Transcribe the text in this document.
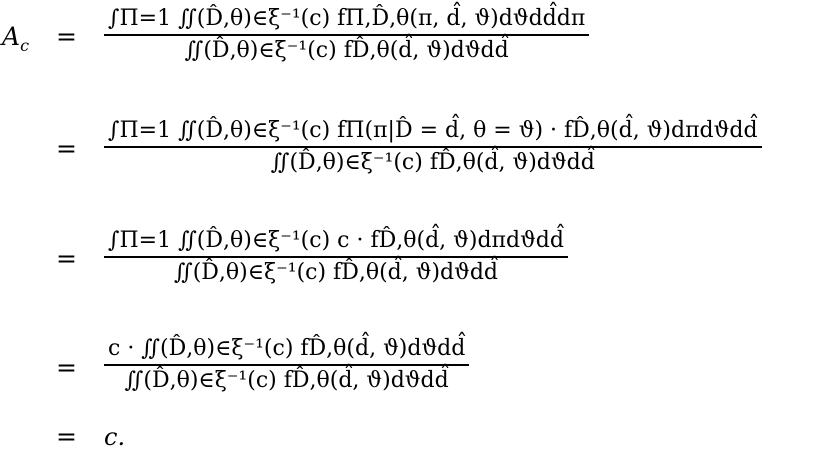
$A_c$ =
∫Π=1 ∬(D̂,θ)∈ξ⁻¹(c) fΠ,D̂,θ(π, d̂, ϑ)dϑdd̂dπ
∬(D̂,θ)∈ξ⁻¹(c) fD̂,θ(d̂, ϑ)dϑdd̂
=
∫Π=1 ∬(D̂,θ)∈ξ⁻¹(c) fΠ(π|D̂ = d̂, θ = ϑ) · fD̂,θ(d̂, ϑ)dπdϑdd̂
∬(D̂,θ)∈ξ⁻¹(c) fD̂,θ(d̂, ϑ)dϑdd̂
=
∫Π=1 ∬(D̂,θ)∈ξ⁻¹(c) c · fD̂,θ(d̂, ϑ)dπdϑdd̂
∬(D̂,θ)∈ξ⁻¹(c) fD̂,θ(d̂, ϑ)dϑdd̂
=
c · ∬(D̂,θ)∈ξ⁻¹(c) fD̂,θ(d̂, ϑ)dϑdd̂
∬(D̂,θ)∈ξ⁻¹(c) fD̂,θ(d̂, ϑ)dϑdd̂
= c.
